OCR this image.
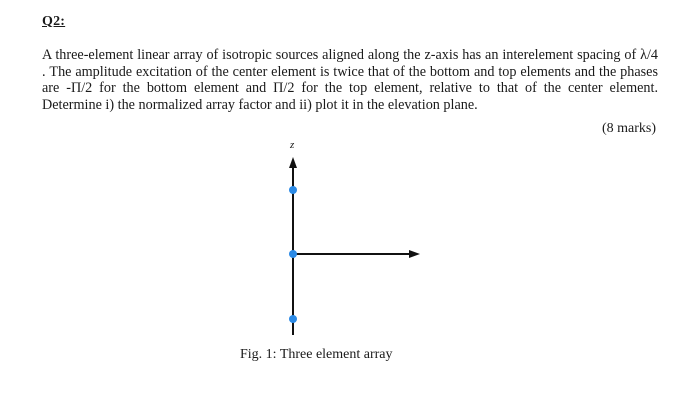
Q2:

A three-element linear array of isotropic sources aligned along the z-axis has an interelement spacing of λ/4 . The amplitude excitation of the center element is twice that of the bottom and top elements and the phases are -Π/2 for the bottom element and Π/2 for the top element, relative to that of the center element. Determine i) the normalized array factor and ii) plot it in the elevation plane.

(8 marks)
z
Fig. 1: Three element array
